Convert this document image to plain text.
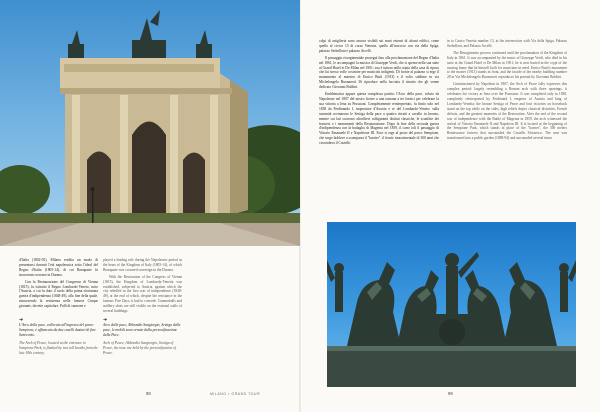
d'Italia (1802-05), Milano eredita un modo di presentarsi davanti l'età napoleonica sotto l'ideal del Regno d'Italia (1805-14), di cui Bonaparte fu incoronato sovrano in Duomo.

Con la Restaurazione del Congresso di Vienna (1815), fu istituito il Regno Lombardo-Veneto, sotto l'Austria, a cui fu dato il ruolo della prima sfortunata guerra d'indipendenza (1848-49), alla fine della quale, rimuovendo la resistenza nelle famose Cinque giornate, dovette capitolare. Palli di cannone e

played a leading role during the Napoleonic period as the heart of the Kingdom of Italy (1805-14), of which Bonaparte was crowned sovereign in the Duomo.

With the Restoration of the Congress of Vienna (1815), the Kingdom of Lombardy-Venetia was established, subjected to Austria, against which the city rebelled in the first war of independence (1848-49), at the end of which, despite the resistance in the famous Five Days, it had to concede. Cannonballs and artillery shots are still visible on the external walls of several buildings.

➜

L'Arco della pace, collocato all'ingresso del parco Sempione, è affiancato da due caselli daziari di fine Settecento.

The Arch of Peace, located at the entrance to Sempione Park, is flanked by two toll booths from the late 18th century.

➜

Arco della pace, Abbondio Sangiorgio, Sestiga della pace, le mobili sono ornate dalla personificazione della Pace.

Arch of Peace, Abbondio Sangiorgio, Sestiga of Peace, the nose are held by the personification of Peace.

MILANO • GRAND TOUR
98

colpi di artiglieria sono ancora visibili sui muri esterni di alcuni edifici, come quello al civico 13 di corso Venezia, quello all'incrocio con via della Spiga, palazzo Serbelloni e palazzo Arcelli.

Il passaggio risorgimentale proseguì fino alla proclamazione del Regno d'Italia nel 1861, le accompagnò la musica di Giuseppe Verdi, che si spense nella sua suite al Grand Hotel et De Milan nel 1901: sua è tuttora nella cripta della casa di riposo che lui stesso volle costruire per musicisti indigenti. Di fronte al palazzo si erge il monumento al maestro di Enrico Butti (1913) e il volto sublime in via Michelangelo Buonarroti 36 riproduce nella facciata il ritratto che gli venne dedicato Giovanni Boldini.

Emblematica appare questa complessa partita: l'Arco della pace, voluto da Napoleone nel 1807 del nostro fiorire a una romana a tre fornici per celebrare la sua vittoria a Jena su Prussiani. Completamente reinterpretato, fu finito solo nel 1838 da Ferdinando I, imperatore d'Austria e re del Lombardo-Veneto: sulla sommità rovinarono le Sestiga della pace a quattro ritratti a cavallo in bronzo, mentre sui lati scorrono altorilievi raffiguranti distinti classiche, le sconfitte dei francesi e i monumenti della Restaurazione. Dopo la fine della seconda guerra d'indipendenza con la battaglia di Magenta nel 1859, il carro tolì il passaggio di Vittorio Emanuele II e Napoleone III. Esso si erge al posto del parco Sempione, che sorge laddove a scomparsa il "barrier". il fronte rinascimentale di 300 anni che circondava il Castello

in to Castro Venetia number 13, at the intersection with Via della Spiga, Palazzo Serbelloni, and Palazzo Arcelli.

The Risorgimento process continued until the proclamation of the Kingdom of Italy in 1861. It was accompanied by the music of Giuseppe Verdi, who died in his suite at the Grand Hotel et De Milan in 1901; he is now buried in the crypt of the nursing home that he himself built for musicians in need. Enrico Butti's monument to the master (1913) stands in front, and the facade of the nearby building number 28 in Via Michelangelo Buonarroti reproduces his portrait by Giovanni Boldini.

Commissioned by Napoleon in 1807, the Arch of Peace fully expresses this complex period: largely resembling a Roman arch with three openings, it celebrates his victory at Jena over the Prussians. It was completed only in 1838, completely reinterpreted by Ferdinand I, emperor of Austria and king of Lombardy-Venetia: the bronze Sestiga of Peace and four victories on horseback stand on the top while on the sides, high reliefs depict classical divinities, French defeats, and the greatest moments of the Restoration. After the end of the second war of independence with the Battle of Magenta in 1859, the arch witnessed the arrival of Vittorio Emanuele II and Napoleon III. It is located at the beginning of the Sempione Park, which stands in place of the "barrier", the 300 meters Renaissance fortress that surrounded the Castello Sforzesco. The area was transformed into a public garden (1888-94) and surrounded several times

99
